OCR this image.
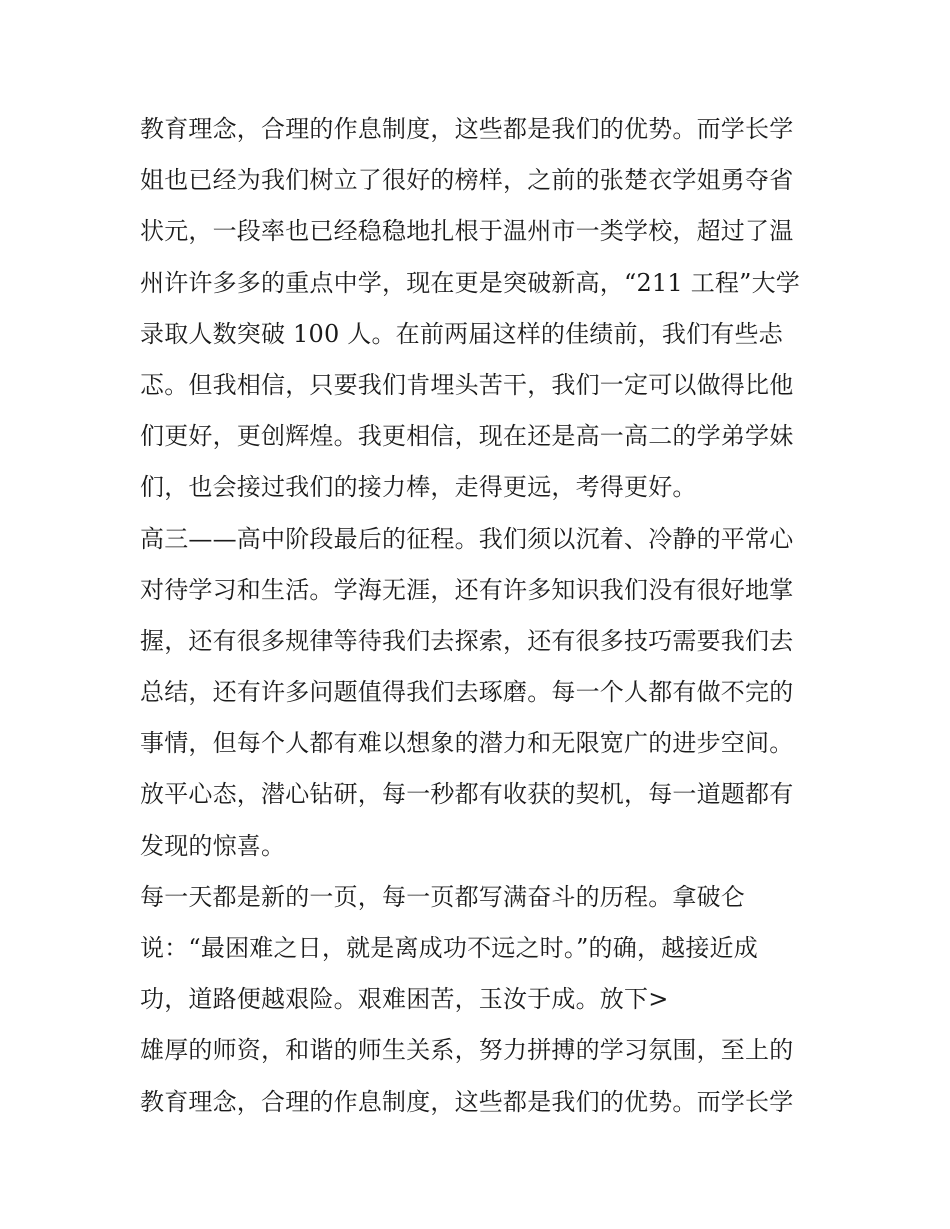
教育理念，合理的作息制度，这些都是我们的优势。而学长学
姐也已经为我们树立了很好的榜样，之前的张楚衣学姐勇夺省
状元，一段率也已经稳稳地扎根于温州市一类学校，超过了温
州许许多多的重点中学，现在更是突破新高，“211 工程”大学
录取人数突破 100 人。在前两届这样的佳绩前，我们有些忐
忑。但我相信，只要我们肯埋头苦干，我们一定可以做得比他
们更好，更创辉煌。我更相信，现在还是高一高二的学弟学妹
们，也会接过我们的接力棒，走得更远，考得更好。
高三——高中阶段最后的征程。我们须以沉着、冷静的平常心
对待学习和生活。学海无涯，还有许多知识我们没有很好地掌
握，还有很多规律等待我们去探索，还有很多技巧需要我们去
总结，还有许多问题值得我们去琢磨。每一个人都有做不完的
事情，但每个人都有难以想象的潜力和无限宽广的进步空间。
放平心态，潜心钻研，每一秒都有收获的契机，每一道题都有
发现的惊喜。
每一天都是新的一页，每一页都写满奋斗的历程。拿破仑
说：“最困难之日，就是离成功不远之时。”的确，越接近成
功，道路便越艰险。艰难困苦，玉汝于成。放下>
雄厚的师资，和谐的师生关系，努力拼搏的学习氛围，至上的
教育理念，合理的作息制度，这些都是我们的优势。而学长学
